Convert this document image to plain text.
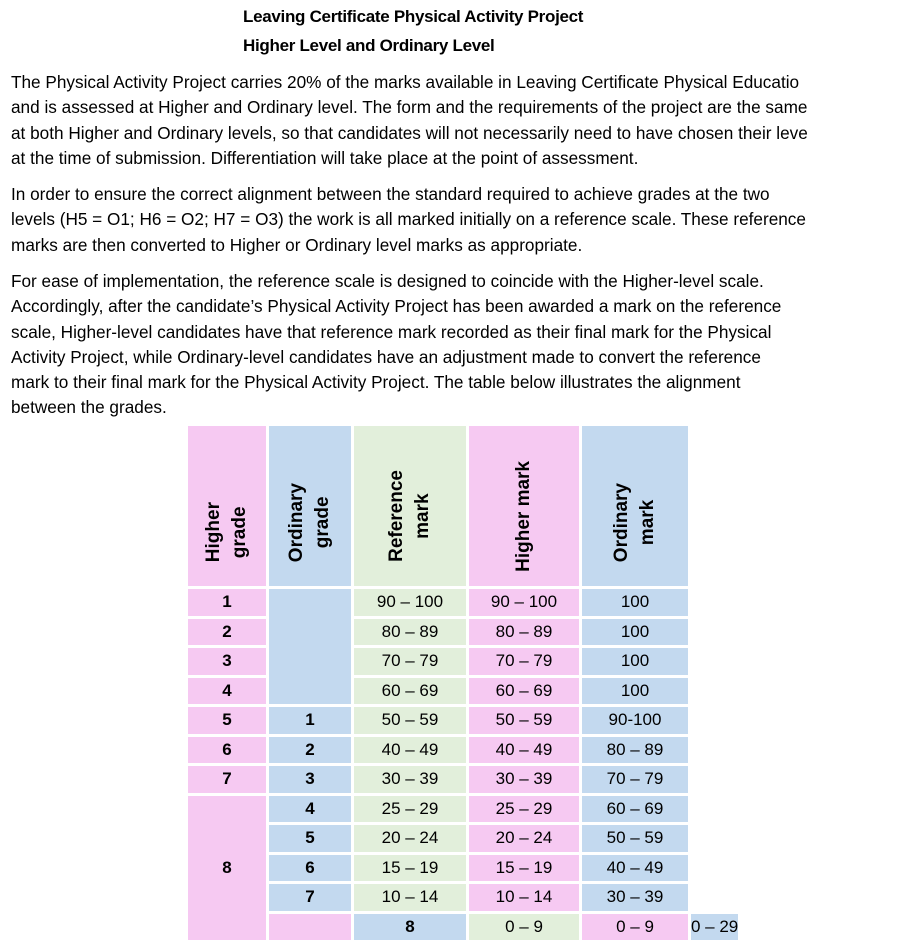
Leaving Certificate Physical Activity Project

Higher Level and Ordinary Level

The Physical Activity Project carries 20% of the marks available in Leaving Certificate Physical Educatio
and is assessed at Higher and Ordinary level. The form and the requirements of the project are the same
at both Higher and Ordinary levels, so that candidates will not necessarily need to have chosen their leve
at the time of submission. Differentiation will take place at the point of assessment.
In order to ensure the correct alignment between the standard required to achieve grades at the two
levels (H5 = O1; H6 = O2; H7 = O3) the work is all marked initially on a reference scale. These reference
marks are then converted to Higher or Ordinary level marks as appropriate.
For ease of implementation, the reference scale is designed to coincide with the Higher-level scale.
Accordingly, after the candidate’s Physical Activity Project has been awarded a mark on the reference
scale, Higher-level candidates have that reference mark recorded as their final mark for the Physical
Activity Project, while Ordinary-level candidates have an adjustment made to convert the reference
mark to their final mark for the Physical Activity Project. The table below illustrates the alignment
between the grades.
Higher grade	Ordinary grade	Reference mark	Higher mark	Ordinary mark	
1		90 – 100	90 – 100	100	
2		80 – 89	80 – 89	100	
3		70 – 79	70 – 79	100	
4		60 – 69	60 – 69	100	
5	1	50 – 59	50 – 59	90-100	
6	2	40 – 49	40 – 49	80 – 89	
7	3	30 – 39	30 – 39	70 – 79	
8	4	25 – 29	25 – 29	60 – 69	
	5	20 – 24	20 – 24	50 – 59	
	6	15 – 19	15 – 19	40 – 49	
	7	10 – 14	10 – 14	30 – 39	
		8	0 – 9	0 – 9	0 – 29
